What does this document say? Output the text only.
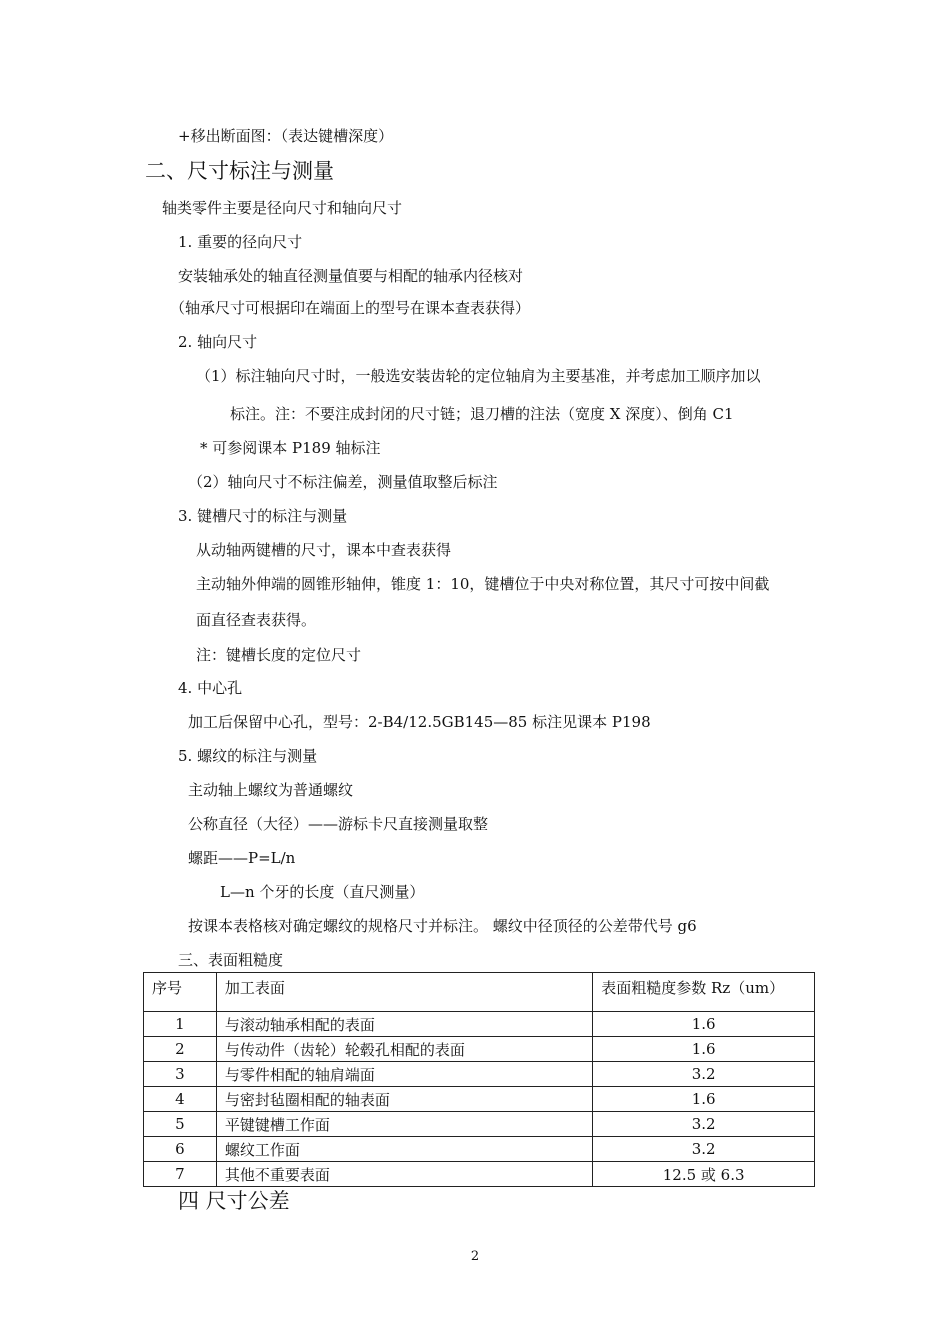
+移出断面图：（表达键槽深度）
二、尺寸标注与测量
轴类零件主要是径向尺寸和轴向尺寸
1. 重要的径向尺寸
安装轴承处的轴直径测量值要与相配的轴承内径核对
（轴承尺寸可根据印在端面上的型号在课本查表获得）
2. 轴向尺寸
（1）标注轴向尺寸时，一般选安装齿轮的定位轴肩为主要基准，并考虑加工顺序加以
标注。注：不要注成封闭的尺寸链；退刀槽的注法（宽度 X 深度）、倒角 C1
* 可参阅课本 P189 轴标注
（2）轴向尺寸不标注偏差，测量值取整后标注
3. 键槽尺寸的标注与测量
从动轴两键槽的尺寸，课本中查表获得
主动轴外伸端的圆锥形轴伸，锥度 1：10，键槽位于中央对称位置，其尺寸可按中间截
面直径查表获得。
注：键槽长度的定位尺寸
4. 中心孔
加工后保留中心孔，型号：2-B4/12.5GB145—85 标注见课本 P198
5. 螺纹的标注与测量
主动轴上螺纹为普通螺纹
公称直径（大径）——游标卡尺直接测量取整
螺距——P=L/n
L—n 个牙的长度（直尺测量）
按课本表格核对确定螺纹的规格尺寸并标注。 螺纹中径顶径的公差带代号 g6
三、表面粗糙度
序号	加工表面	表面粗糙度参数 Rz（um）
1	与滚动轴承相配的表面	1.6
2	与传动件（齿轮）轮毂孔相配的表面	1.6
3	与零件相配的轴肩端面	3.2
4	与密封毡圈相配的轴表面	1.6
5	平键键槽工作面	3.2
6	螺纹工作面	3.2
7	其他不重要表面	12.5 或 6.3
四 尺寸公差
2
